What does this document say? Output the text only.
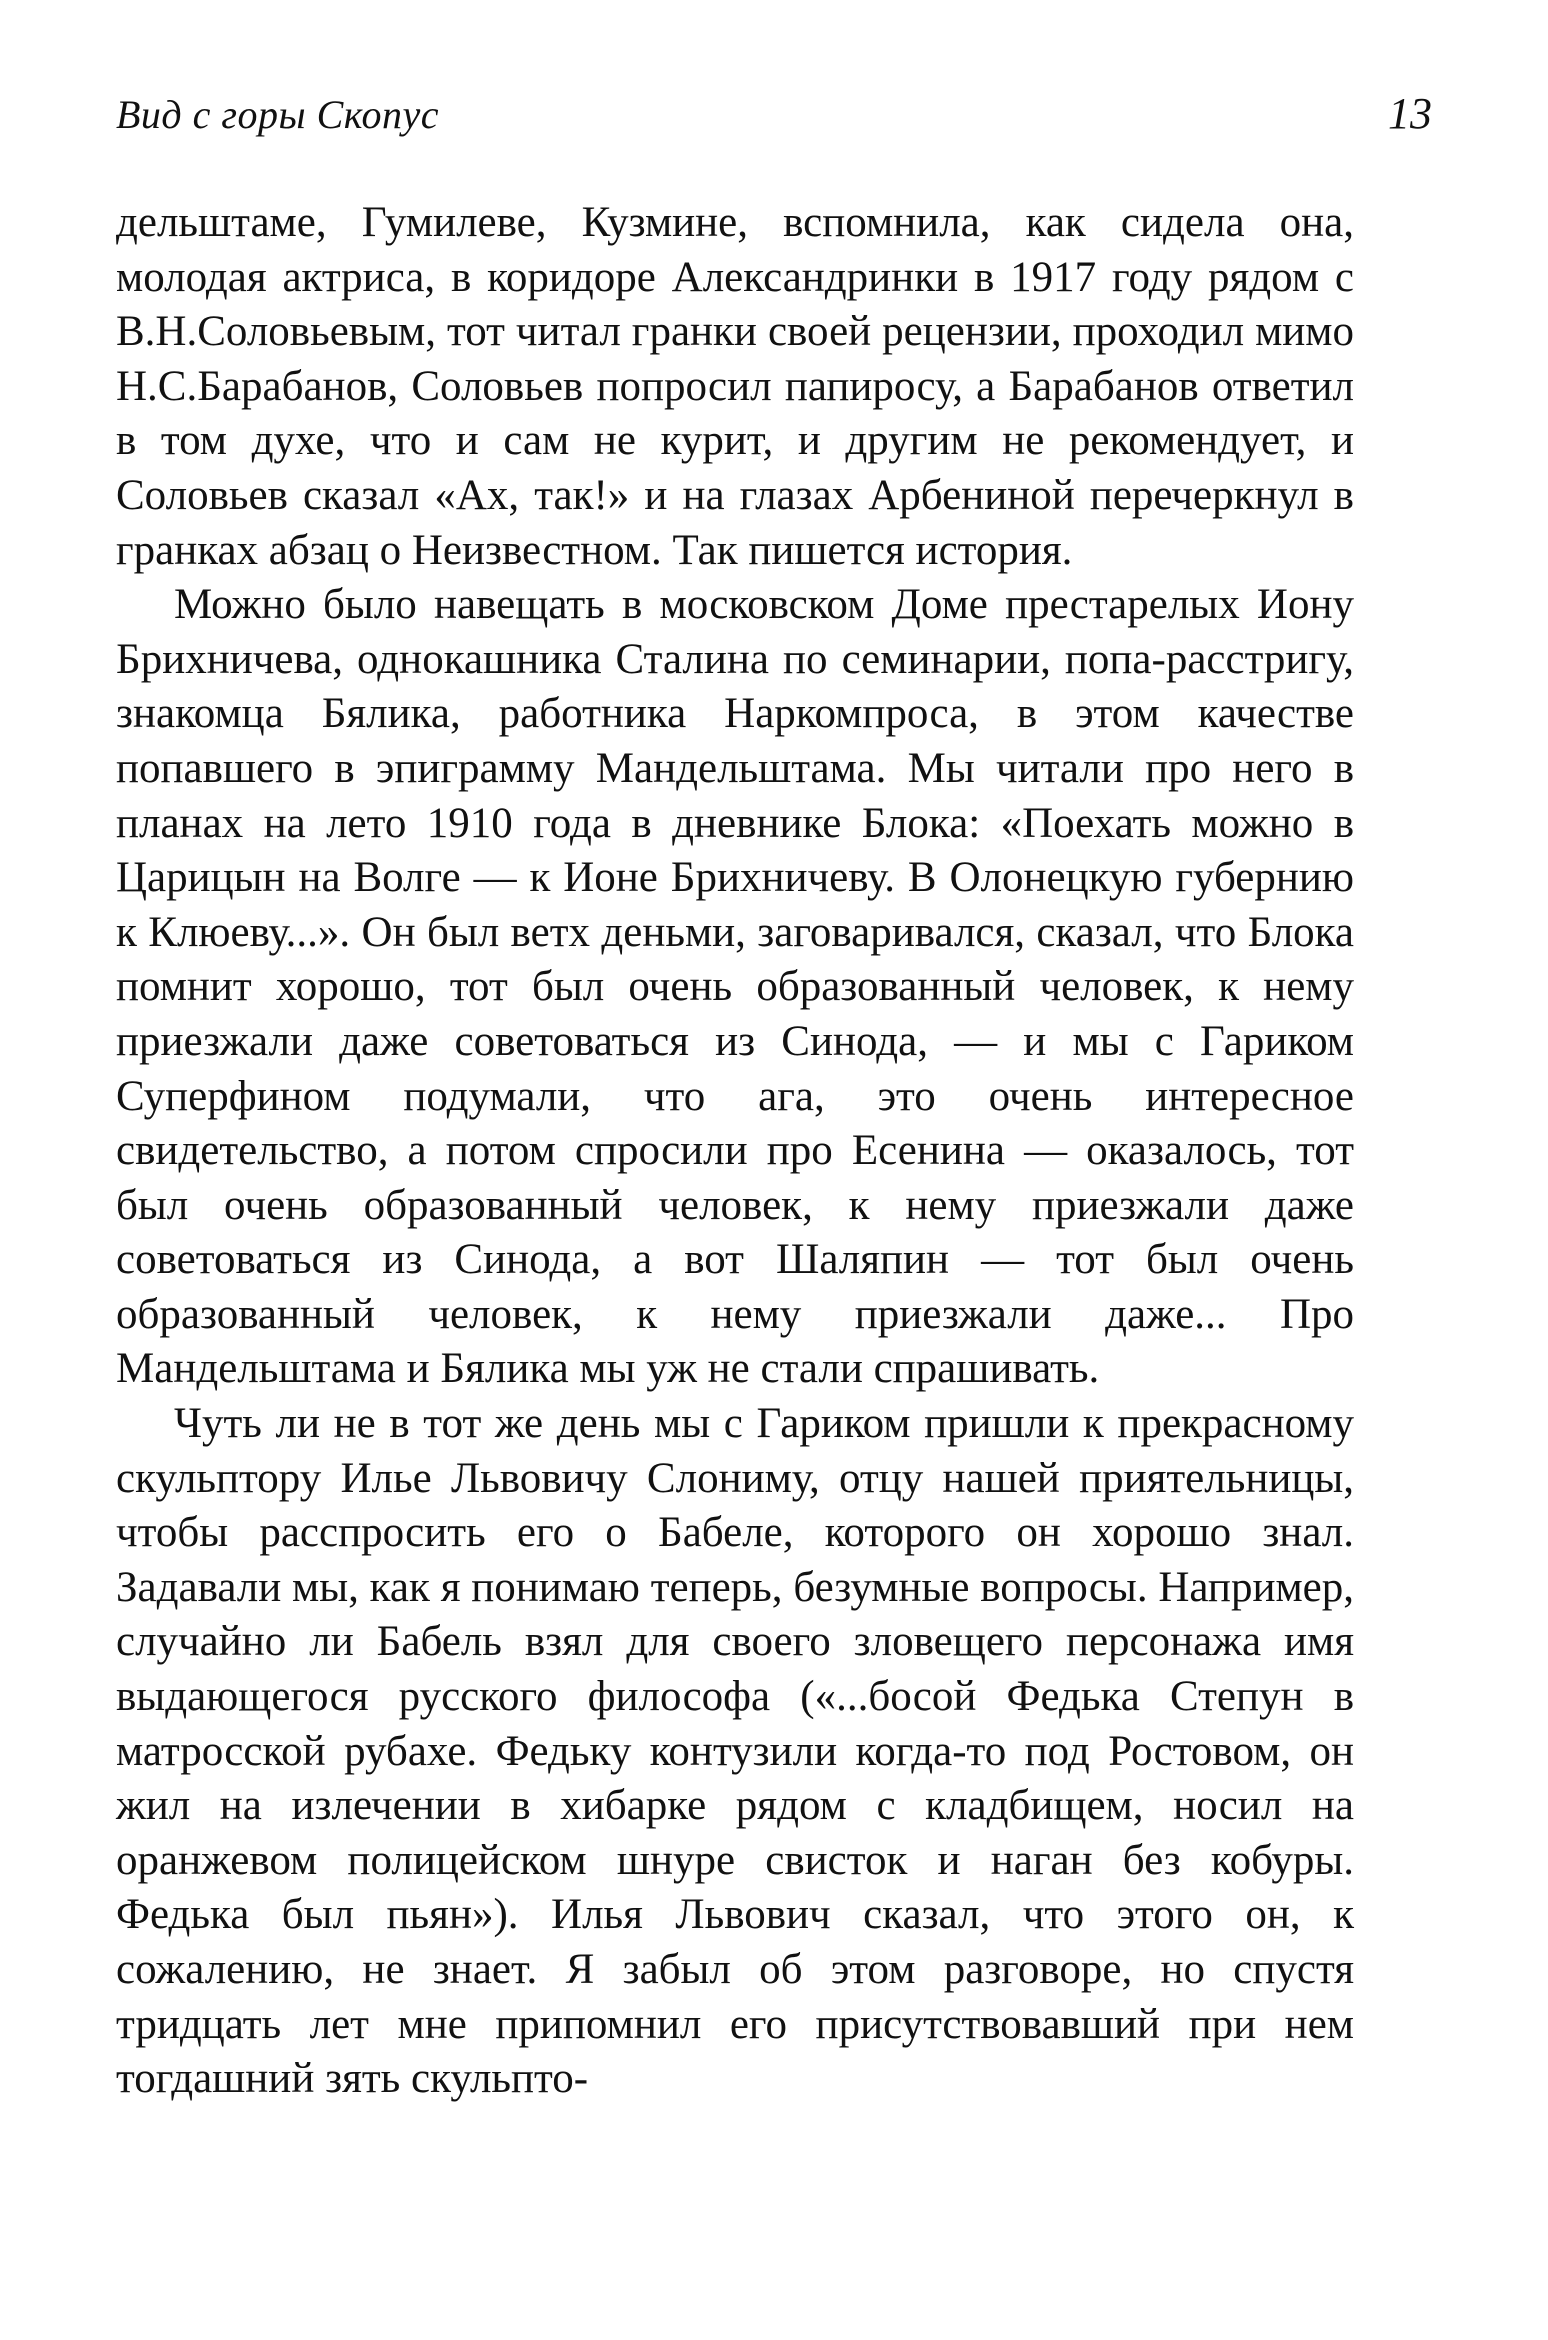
Вид с горы Скопус	13

дельштаме, Гумилеве, Кузмине, вспомнила, как сидела она, молодая актриса, в коридоре Александринки в 1917 году рядом с В.Н.Соловьевым, тот читал гранки своей рецензии, проходил мимо Н.С.Барабанов, Соловьев попросил папиросу, а Барабанов ответил в том духе, что и сам не курит, и другим не рекомендует, и Соловьев сказал «Ах, так!» и на глазах Арбениной перечеркнул в гранках абзац о Неизвестном. Так пишется история.

Можно было навещать в московском Доме престарелых Иону Брихничева, однокашника Сталина по семинарии, попа-расстригу, знакомца Бялика, работника Наркомпроса, в этом качестве попавшего в эпиграмму Мандельштама. Мы читали про него в планах на лето 1910 года в дневнике Блока: «Поехать можно в Царицын на Волге — к Ионе Брихничеву. В Олонецкую губернию к Клюеву...». Он был ветх деньми, заговаривался, сказал, что Блока помнит хорошо, тот был очень образованный человек, к нему приезжали даже советоваться из Синода, — и мы с Гариком Суперфином подумали, что ага, это очень интересное свидетельство, а потом спросили про Есенина — оказалось, тот был очень образованный человек, к нему приезжали даже советоваться из Синода, а вот Шаляпин — тот был очень образованный человек, к нему приезжали даже... Про Мандельштама и Бялика мы уж не стали спрашивать.

Чуть ли не в тот же день мы с Гариком пришли к прекрасному скульптору Илье Львовичу Слониму, отцу нашей приятельницы, чтобы расспросить его о Бабеле, которого он хорошо знал. Задавали мы, как я понимаю теперь, безумные вопросы. Например, случайно ли Бабель взял для своего зловещего персонажа имя выдающегося русского философа («...босой Федька Степун в матросской рубахе. Федьку контузили когда-то под Ростовом, он жил на излечении в хибарке рядом с кладбищем, носил на оранжевом полицейском шнуре свисток и наган без кобуры. Федька был пьян»). Илья Львович сказал, что этого он, к сожалению, не знает. Я забыл об этом разговоре, но спустя тридцать лет мне припомнил его присутствовавший при нем тогдашний зять скульпто-
